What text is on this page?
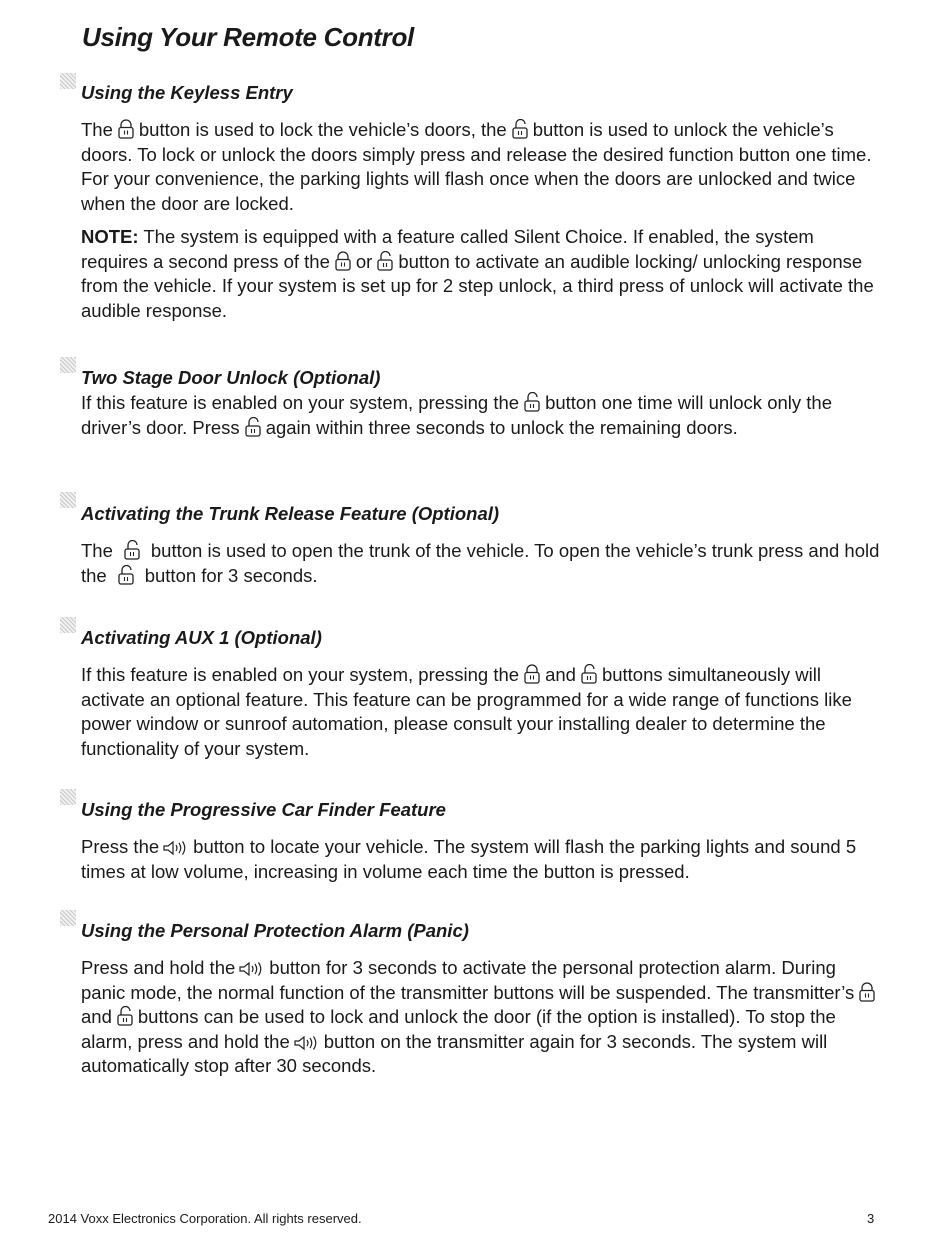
Using Your Remote Control
Using the Keyless Entry

The button is used to lock the vehicle’s doors, the button is used to unlock the vehicle’s doors. To lock or unlock the doors simply press and release the desired function button one time. For your convenience, the parking lights will flash once when the doors are unlocked and twice when the door are locked.

NOTE: The system is equipped with a feature called Silent Choice. If enabled, the system requires a second press of the or button to activate an audible locking/ unlocking response from the vehicle. If your system is set up for 2 step unlock, a third press of unlock will activate the audible response.

Two Stage Door Unlock (Optional)

If this feature is enabled on your system, pressing the button one time will unlock only the driver’s door. Press again within three seconds to unlock the remaining doors.

Activating the Trunk Release Feature (Optional)

The button is used to open the trunk of the vehicle. To open the vehicle’s trunk press and hold the button for 3 seconds.

Activating AUX 1 (Optional)

If this feature is enabled on your system, pressing the and buttons simultaneously will activate an optional feature. This feature can be programmed for a wide range of functions like power window or sunroof automation, please consult your installing dealer to determine the functionality of your system.

Using the Progressive Car Finder Feature

Press the button to locate your vehicle. The system will flash the parking lights and sound 5 times at low volume, increasing in volume each time the button is pressed.

Using the Personal Protection Alarm (Panic)

Press and hold the button for 3 seconds to activate the personal protection alarm. During panic mode, the normal function of the transmitter buttons will be suspended. The transmitter’s
and buttons can be used to lock and unlock the door (if the option is installed). To stop the alarm, press and hold the button on the transmitter again for 3 seconds. The system will automatically stop after 30 seconds.

2014 Voxx Electronics Corporation. All rights reserved.	3
